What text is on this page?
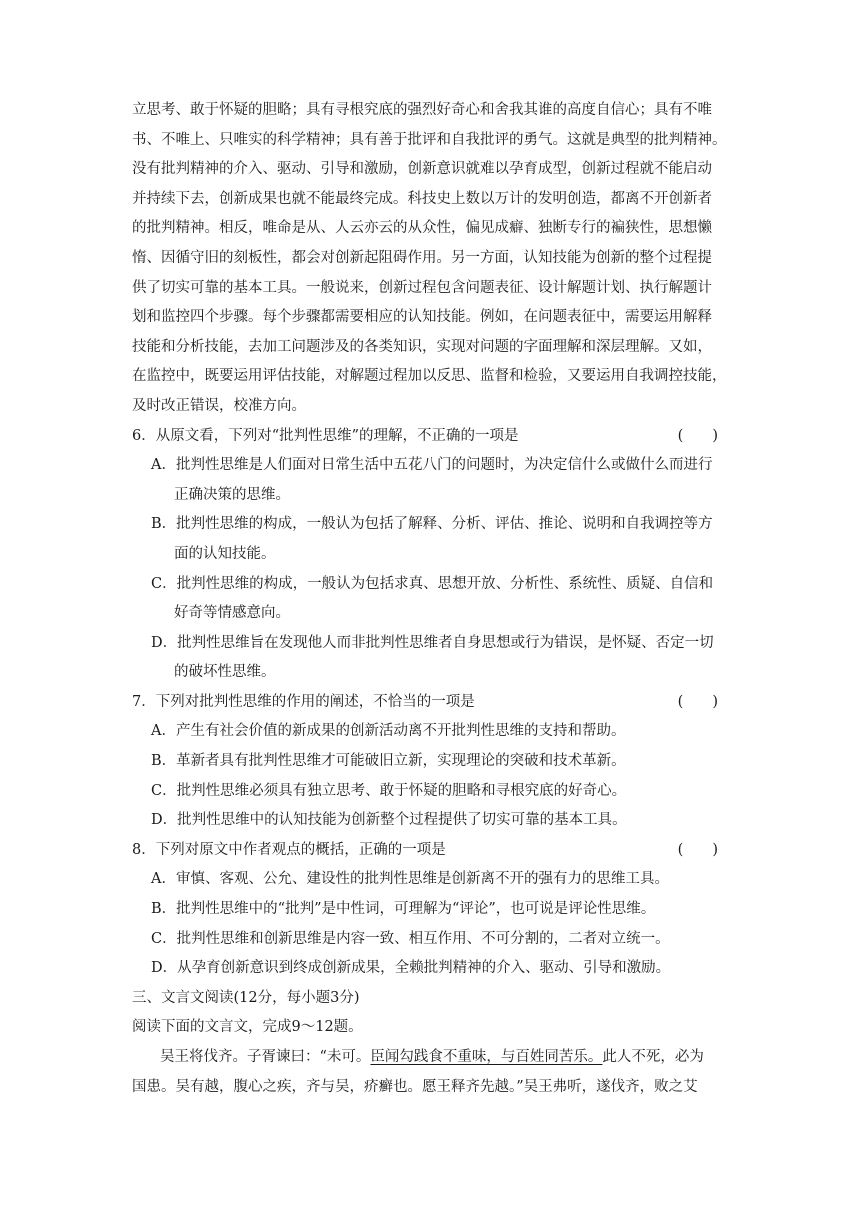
立思考、敢于怀疑的胆略；具有寻根究底的强烈好奇心和舍我其谁的高度自信心；具有不唯
书、不唯上、只唯实的科学精神；具有善于批评和自我批评的勇气。这就是典型的批判精神。
没有批判精神的介入、驱动、引导和激励，创新意识就难以孕育成型，创新过程就不能启动
并持续下去，创新成果也就不能最终完成。科技史上数以万计的发明创造，都离不开创新者
的批判精神。相反，唯命是从、人云亦云的从众性，偏见成癖、独断专行的褊狭性，思想懒
惰、因循守旧的刻板性，都会对创新起阻碍作用。另一方面，认知技能为创新的整个过程提
供了切实可靠的基本工具。一般说来，创新过程包含问题表征、设计解题计划、执行解题计
划和监控四个步骤。每个步骤都需要相应的认知技能。例如，在问题表征中，需要运用解释
技能和分析技能，去加工问题涉及的各类知识，实现对问题的字面理解和深层理解。又如，
在监控中，既要运用评估技能，对解题过程加以反思、监督和检验，又要运用自我调控技能，
及时改正错误，校准方向。
6．从原文看，下列对“批判性思维”的理解，不正确的一项是	(　　)
A．批判性思维是人们面对日常生活中五花八门的问题时，为决定信什么或做什么而进行
正确决策的思维。
B．批判性思维的构成，一般认为包括了解释、分析、评估、推论、说明和自我调控等方
面的认知技能。
C．批判性思维的构成，一般认为包括求真、思想开放、分析性、系统性、质疑、自信和
好奇等情感意向。
D．批判性思维旨在发现他人而非批判性思维者自身思想或行为错误，是怀疑、否定一切
的破坏性思维。
7．下列对批判性思维的作用的阐述，不恰当的一项是	(　　)
A．产生有社会价值的新成果的创新活动离不开批判性思维的支持和帮助。
B．革新者具有批判性思维才可能破旧立新，实现理论的突破和技术革新。
C．批判性思维必须具有独立思考、敢于怀疑的胆略和寻根究底的好奇心。
D．批判性思维中的认知技能为创新整个过程提供了切实可靠的基本工具。
8．下列对原文中作者观点的概括，正确的一项是	(　　)
A．审慎、客观、公允、建设性的批判性思维是创新离不开的强有力的思维工具。
B．批判性思维中的“批判”是中性词，可理解为“评论”，也可说是评论性思维。
C．批判性思维和创新思维是内容一致、相互作用、不可分割的，二者对立统一。
D．从孕育创新意识到终成创新成果，全赖批判精神的介入、驱动、引导和激励。
三、文言文阅读(12分，每小题3分)
阅读下面的文言文，完成9～12题。
吴王将伐齐。子胥谏曰：“未可。臣闻勾践食不重味，与百姓同苦乐。此人不死，必为
国患。吴有越，腹心之疾，齐与吴，疥癣也。愿王释齐先越。”吴王弗听，遂伐齐，败之艾
